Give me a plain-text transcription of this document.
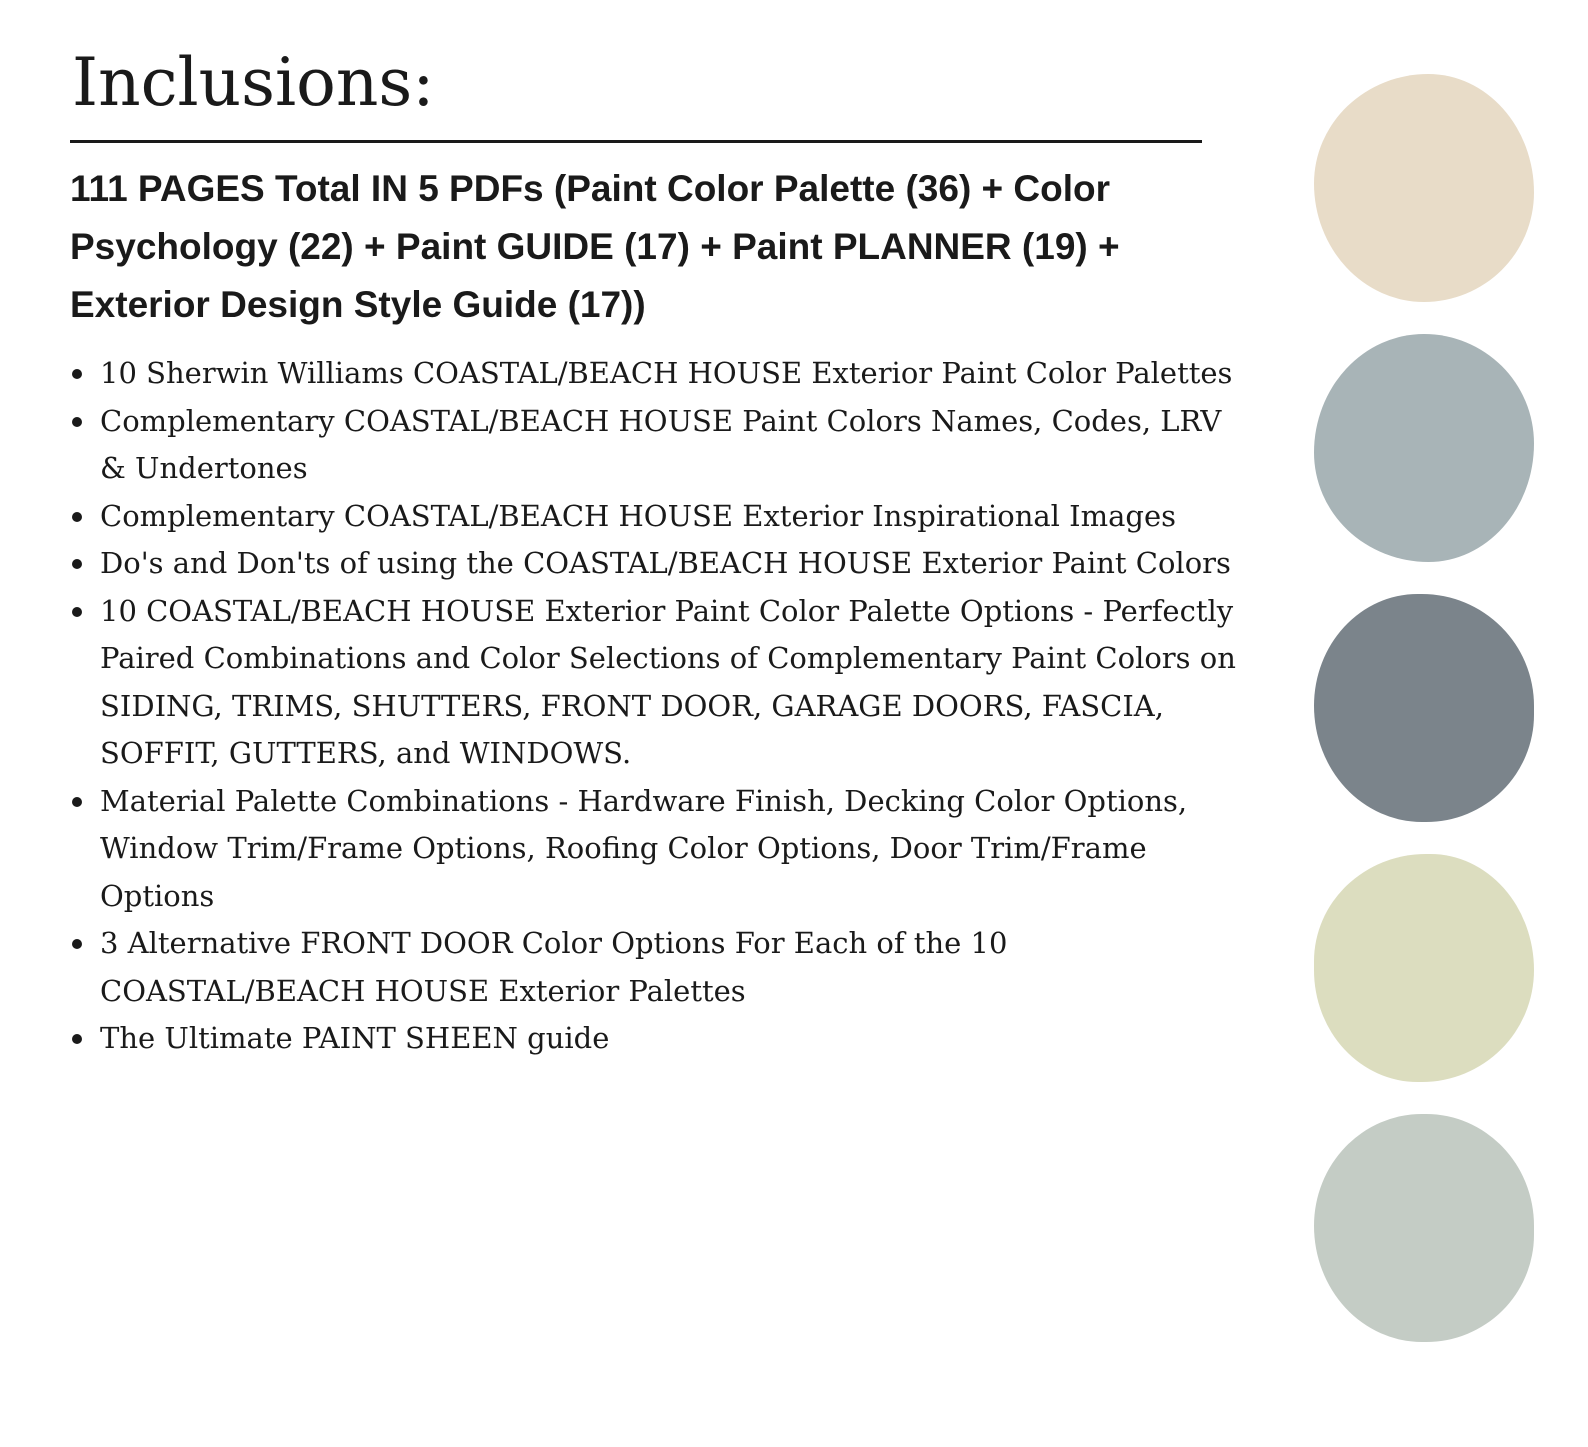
Inclusions:

111 PAGES Total IN 5 PDFs (Paint Color Palette (36) + Color Psychology (22) + Paint GUIDE (17) + Paint PLANNER (19) + Exterior Design Style Guide (17))

10 Sherwin Williams COASTAL/BEACH HOUSE Exterior Paint Color Palettes
Complementary COASTAL/BEACH HOUSE Paint Colors Names, Codes, LRV & Undertones
Complementary COASTAL/BEACH HOUSE Exterior Inspirational Images
Do's and Don'ts of using the COASTAL/BEACH HOUSE Exterior Paint Colors
10 COASTAL/BEACH HOUSE Exterior Paint Color Palette Options - Perfectly Paired Combinations and Color Selections of Complementary Paint Colors on SIDING, TRIMS, SHUTTERS, FRONT DOOR, GARAGE DOORS, FASCIA, SOFFIT, GUTTERS, and WINDOWS.
Material Palette Combinations - Hardware Finish, Decking Color Options, Window Trim/Frame Options, Roofing Color Options, Door Trim/Frame Options
3 Alternative FRONT DOOR Color Options For Each of the 10 COASTAL/BEACH HOUSE Exterior Palettes
The Ultimate PAINT SHEEN guide
